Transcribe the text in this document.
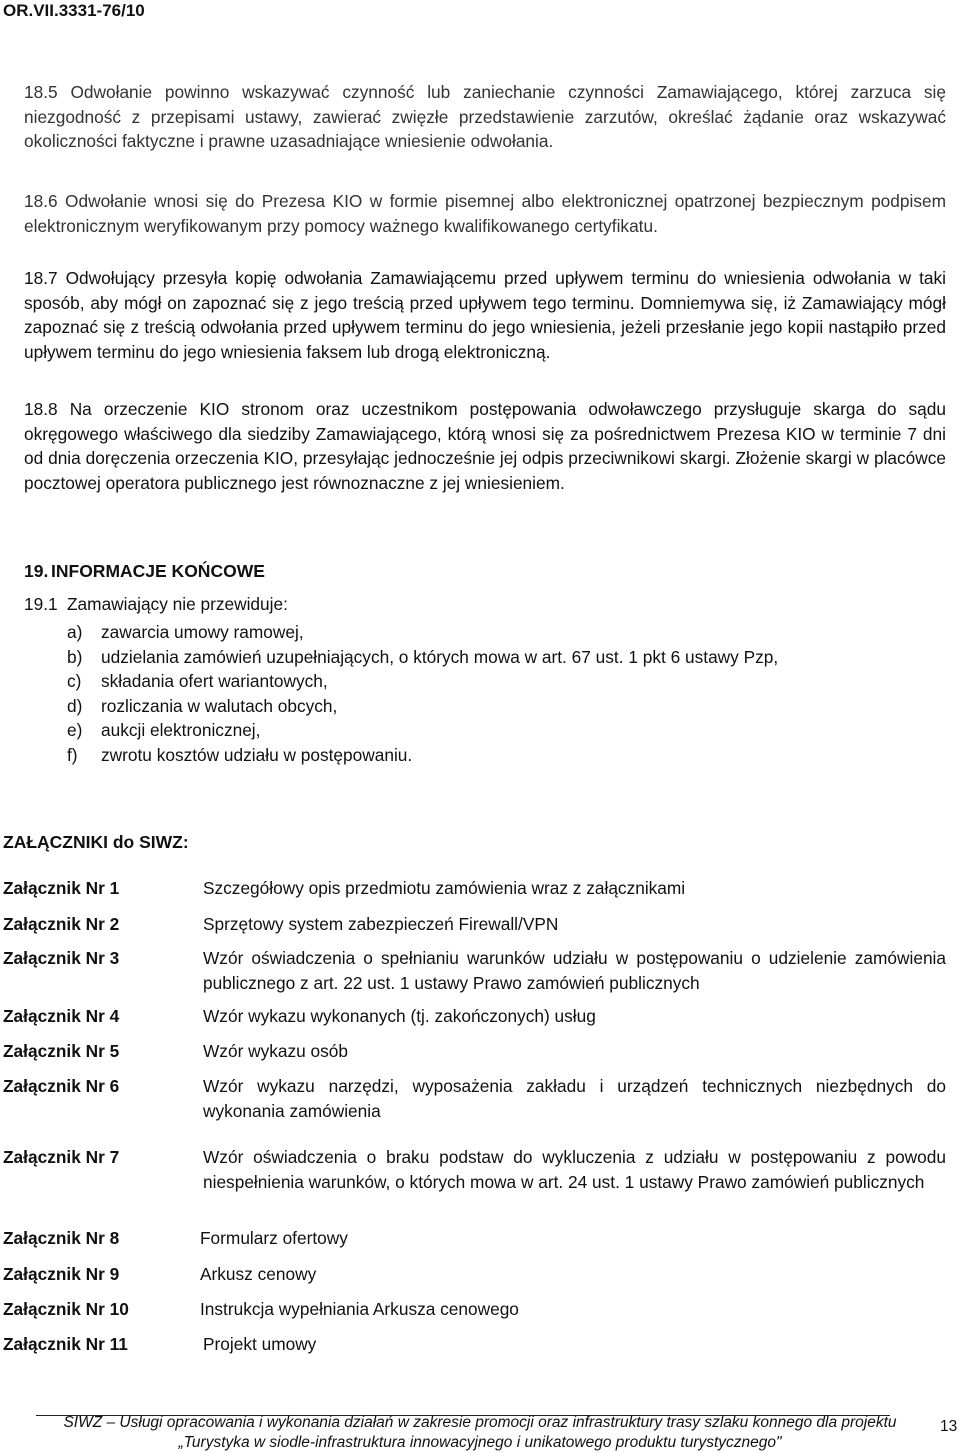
OR.VII.3331-76/10
18.5 Odwołanie powinno wskazywać czynność lub zaniechanie czynności Zamawiającego, której zarzuca się niezgodność z przepisami ustawy, zawierać zwięzłe przedstawienie zarzutów, określać żądanie oraz wskazywać okoliczności faktyczne i prawne uzasadniające wniesienie odwołania.
18.6 Odwołanie wnosi się do Prezesa KIO w formie pisemnej albo elektronicznej opatrzonej bezpiecznym podpisem elektronicznym weryfikowanym przy pomocy ważnego kwalifikowanego certyfikatu.
18.7 Odwołujący przesyła kopię odwołania Zamawiającemu przed upływem terminu do wniesienia odwołania w taki sposób, aby mógł on zapoznać się z jego treścią przed upływem tego terminu. Domniemywa się, iż Zamawiający mógł zapoznać się z treścią odwołania przed upływem terminu do jego wniesienia, jeżeli przesłanie jego kopii nastąpiło przed upływem terminu do jego wniesienia faksem lub drogą elektroniczną.
18.8 Na orzeczenie KIO stronom oraz uczestnikom postępowania odwoławczego przysługuje skarga do sądu okręgowego właściwego dla siedziby Zamawiającego, którą wnosi się za pośrednictwem Prezesa KIO w terminie 7 dni od dnia doręczenia orzeczenia KIO, przesyłając jednocześnie jej odpis przeciwnikowi skargi. Złożenie skargi w placówce pocztowej operatora publicznego jest równoznaczne z jej wniesieniem.
19. INFORMACJE KOŃCOWE
19.1 Zamawiający nie przewiduje:
a) zawarcia umowy ramowej,
b) udzielania zamówień uzupełniających, o których mowa w art. 67 ust. 1 pkt 6 ustawy Pzp,
c) składania ofert wariantowych,
d) rozliczania w walutach obcych,
e) aukcji elektronicznej,
f) zwrotu kosztów udziału w postępowaniu.
ZAŁĄCZNIKI do SIWZ:
Załącznik Nr 1	Szczegółowy opis przedmiotu zamówienia wraz z załącznikami
Załącznik Nr 2	Sprzętowy system zabezpieczeń Firewall/VPN
Załącznik Nr 3	Wzór oświadczenia o spełnianiu warunków udziału w postępowaniu o udzielenie zamówienia publicznego z art. 22 ust. 1 ustawy Prawo zamówień publicznych
Załącznik Nr 4	Wzór wykazu wykonanych (tj. zakończonych) usług
Załącznik Nr 5	Wzór wykazu osób
Załącznik Nr 6	Wzór wykazu narzędzi, wyposażenia zakładu i urządzeń technicznych niezbędnych do wykonania zamówienia
Załącznik Nr 7	Wzór oświadczenia o braku podstaw do wykluczenia z udziału w postępowaniu z powodu niespełnienia warunków, o których mowa w art. 24 ust. 1 ustawy Prawo zamówień publicznych
Załącznik Nr 8	Formularz ofertowy
Załącznik Nr 9	Arkusz cenowy
Załącznik Nr 10	Instrukcja wypełniania Arkusza cenowego
Załącznik Nr 11	Projekt umowy
SIWZ – Usługi opracowania i wykonania działań w zakresie promocji oraz infrastruktury trasy szlaku konnego dla projektu
„Turystyka w siodle-infrastruktura innowacyjnego i unikatowego produktu turystycznego"
13
